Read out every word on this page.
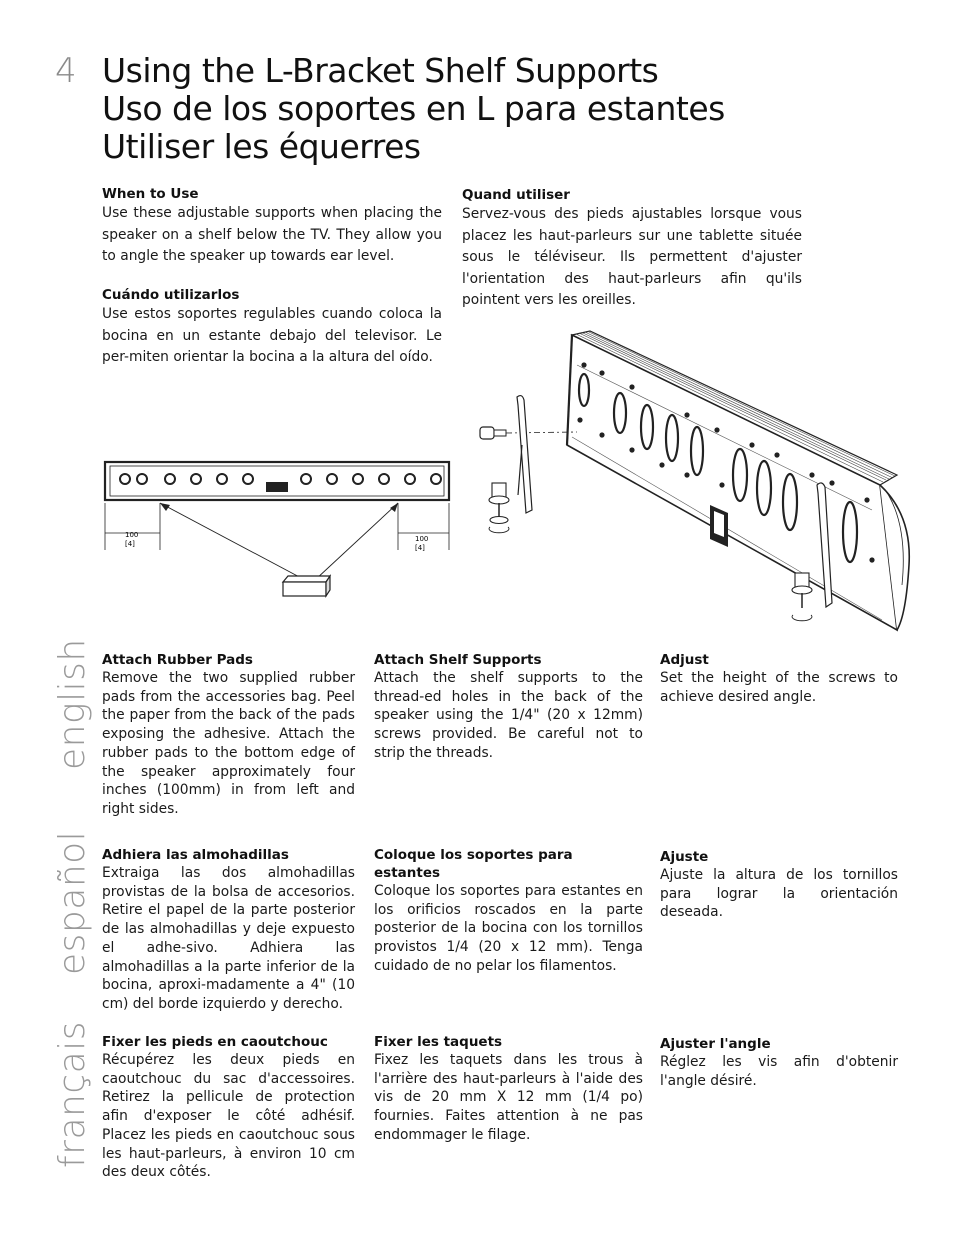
4 Using the L-Bracket Shelf Supports
Uso de los soportes en L para estantes
Utiliser les équerres
When to Use
Use these adjustable supports when placing the speaker on a shelf below the TV. They allow you to angle the speaker up towards ear level.
Cuándo utilizarlos
Use estos soportes regulables cuando coloca la bocina en un estante debajo del televisor. Le per-miten orientar la bocina a la altura del oído.
Quand utiliser
Servez-vous des pieds ajustables lorsque vous placez les haut-parleurs sur une tablette située sous le téléviseur. Ils permettent d'ajuster l'orientation des haut-parleurs afin qu'ils pointent vers les oreilles.
100
[4]
100
[4]
english
español
français
Attach Rubber Pads
Remove the two supplied rubber pads from the accessories bag. Peel the paper from the back of the pads exposing the adhesive. Attach the rubber pads to the bottom edge of the speaker approximately four inches (100mm) in from left and right sides.
Attach Shelf Supports
Attach the shelf supports to the thread-ed holes in the back of the speaker using the 1/4" (20 x 12mm) screws provided. Be careful not to strip the threads.
Adjust
Set the height of the screws to achieve desired angle.
Adhiera las almohadillas
Extraiga las dos almohadillas provistas de la bolsa de accesorios. Retire el papel de la parte posterior de las almohadillas y deje expuesto el adhe-sivo. Adhiera las almohadillas a la parte inferior de la bocina, aproxi-madamente a 4" (10 cm) del borde izquierdo y derecho.
Coloque los soportes para estantes
Coloque los soportes para estantes en los orificios roscados en la parte posterior de la bocina con los tornillos provistos 1/4 (20 x 12 mm). Tenga cuidado de no pelar los filamentos.
Ajuste
Ajuste la altura de los tornillos para lograr la orientación deseada.
Fixer les pieds en caoutchouc
Récupérez les deux pieds en caoutchouc du sac d'accessoires. Retirez la pellicule de protection afin d'exposer le côté adhésif. Placez les pieds en caoutchouc sous les haut-parleurs, à environ 10 cm des deux côtés.
Fixer les taquets
Fixez les taquets dans les trous à l'arrière des haut-parleurs à l'aide des vis de 20 mm X 12 mm (1/4 po) fournies. Faites attention à ne pas endommager le filage.
Ajuster l'angle
Réglez les vis afin d'obtenir l'angle désiré.
